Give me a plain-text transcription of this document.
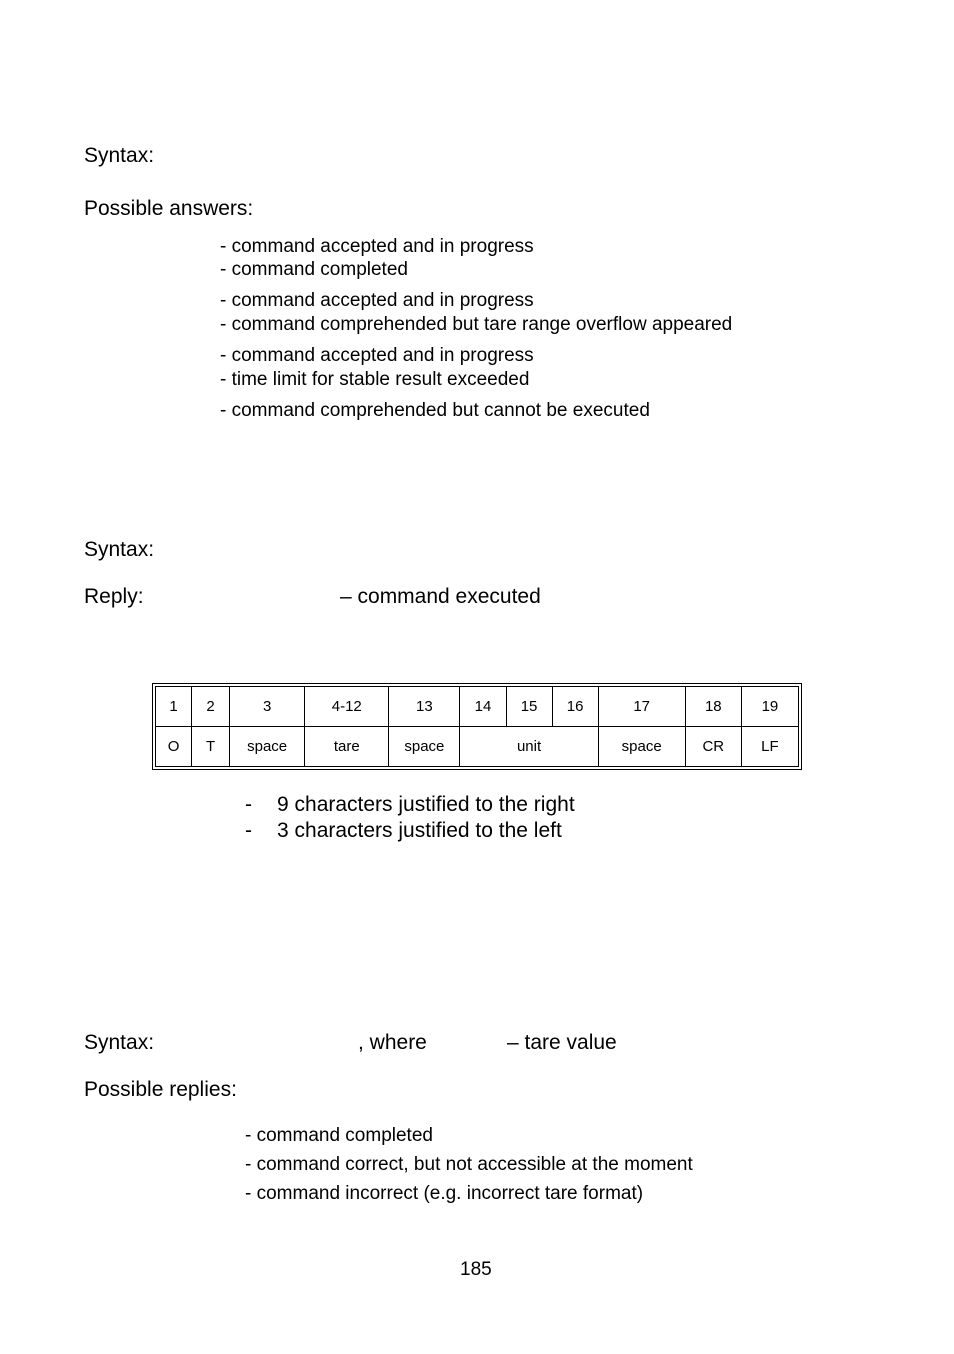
Syntax:
Possible answers:
- command accepted and in progress
- command completed
- command accepted and in progress
- command comprehended but tare range overflow appeared
- command accepted and in progress
- time limit for stable result exceeded
- command comprehended but cannot be executed
Syntax:
Reply:	– command executed
1	2	3	4-12	13	14	15	16	17	18	19
O	T	space	tare	space	unit			space	CR	LF
- 9 characters justified to the right
- 3 characters justified to the left
Syntax:	, where	– tare value
Possible replies:
- command completed
- command correct, but not accessible at the moment
- command incorrect (e.g. incorrect tare format)
185
